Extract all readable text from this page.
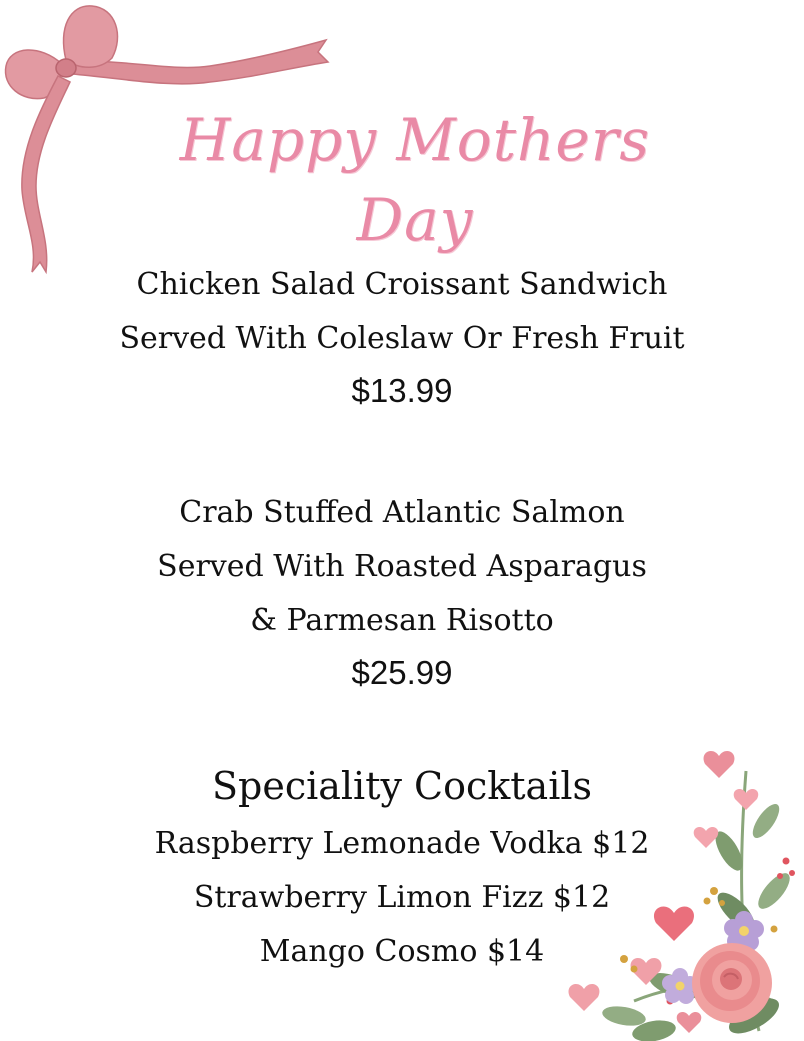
Happy Mothers Day
Chicken Salad Croissant Sandwich
Served With Coleslaw Or Fresh Fruit
$13.99
Crab Stuffed Atlantic Salmon
Served With Roasted Asparagus
& Parmesan Risotto
$25.99
Speciality Cocktails
Raspberry Lemonade Vodka $12
Strawberry Limon Fizz $12
Mango Cosmo $14
